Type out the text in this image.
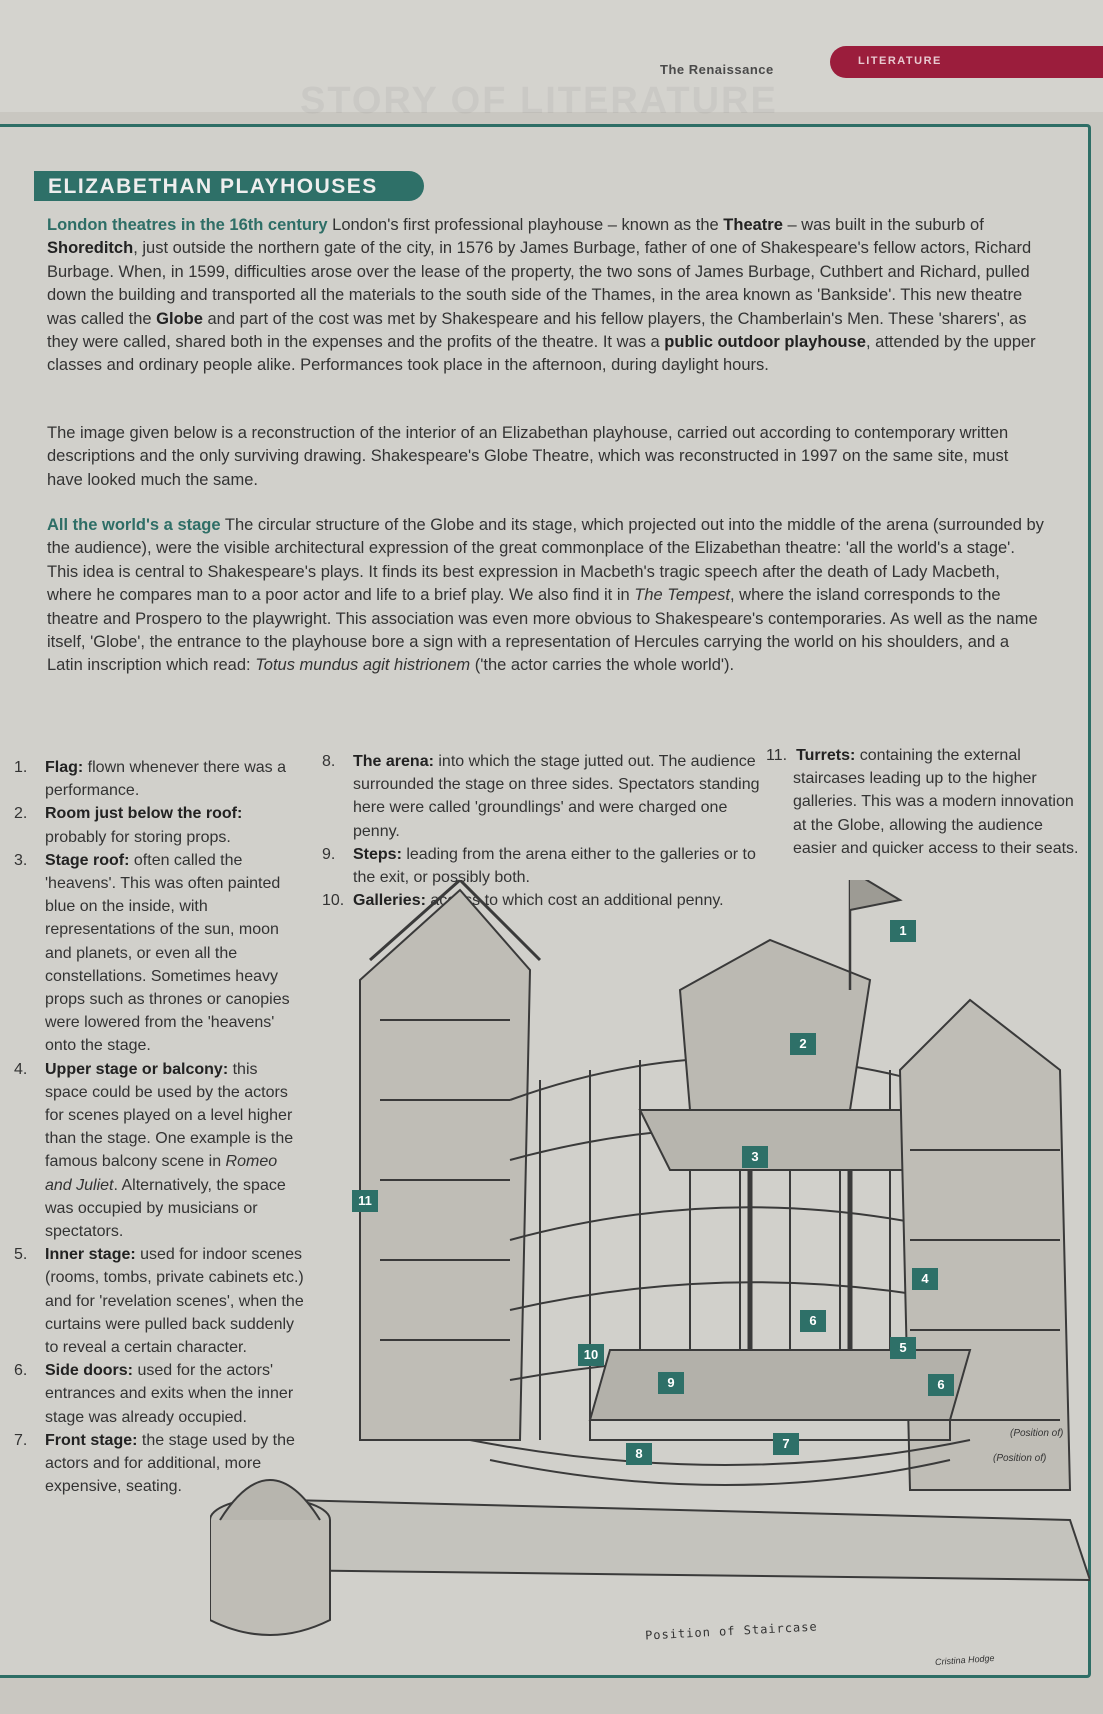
STORY OF LITERATURE
The Renaissance
LITERATURE
ELIZABETHAN PLAYHOUSES

London theatres in the 16th century London's first professional playhouse – known as the Theatre – was built in the suburb of Shoreditch, just outside the northern gate of the city, in 1576 by James Burbage, father of one of Shakespeare's fellow actors, Richard Burbage. When, in 1599, difficulties arose over the lease of the property, the two sons of James Burbage, Cuthbert and Richard, pulled down the building and transported all the materials to the south side of the Thames, in the area known as 'Bankside'. This new theatre was called the Globe and part of the cost was met by Shakespeare and his fellow players, the Chamberlain's Men. These 'sharers', as they were called, shared both in the expenses and the profits of the theatre. It was a public outdoor playhouse, attended by the upper classes and ordinary people alike. Performances took place in the afternoon, during daylight hours.

The image given below is a reconstruction of the interior of an Elizabethan playhouse, carried out according to contemporary written descriptions and the only surviving drawing. Shakespeare's Globe Theatre, which was reconstructed in 1997 on the same site, must have looked much the same.

All the world's a stage The circular structure of the Globe and its stage, which projected out into the middle of the arena (surrounded by the audience), were the visible architectural expression of the great commonplace of the Elizabethan theatre: 'all the world's a stage'. This idea is central to Shakespeare's plays. It finds its best expression in Macbeth's tragic speech after the death of Lady Macbeth, where he compares man to a poor actor and life to a brief play. We also find it in The Tempest, where the island corresponds to the theatre and Prospero to the playwright. This association was even more obvious to Shakespeare's contemporaries. As well as the name itself, 'Globe', the entrance to the playhouse bore a sign with a representation of Hercules carrying the world on his shoulders, and a Latin inscription which read: Totus mundus agit histrionem ('the actor carries the whole world').

1. Flag: flown whenever there was a performance.
2. Room just below the roof: probably for storing props.
3. Stage roof: often called the 'heavens'. This was often painted blue on the inside, with representations of the sun, moon and planets, or even all the constellations. Sometimes heavy props such as thrones or canopies were lowered from the 'heavens' onto the stage.
4. Upper stage or balcony: this space could be used by the actors for scenes played on a level higher than the stage. One example is the famous balcony scene in Romeo and Juliet. Alternatively, the space was occupied by musicians or spectators.
5. Inner stage: used for indoor scenes (rooms, tombs, private cabinets etc.) and for 'revelation scenes', when the curtains were pulled back suddenly to reveal a certain character.
6. Side doors: used for the actors' entrances and exits when the inner stage was already occupied.
7. Front stage: the stage used by the actors and for additional, more expensive, seating.
8. The arena: into which the stage jutted out. The audience surrounded the stage on three sides. Spectators standing here were called 'groundlings' and were charged one penny.
9. Steps: leading from the arena either to the galleries or to the exit, or possibly both.
10. Galleries: access to which cost an additional penny.
11. Turrets: containing the external staircases leading up to the higher galleries. This was a modern innovation at the Globe, allowing the audience easier and quicker access to their seats.
1
2
3
4
5
6
6
7
8
9
10
11
Position of Staircase
(Position of)
(Position of)
Cristina Hodge
